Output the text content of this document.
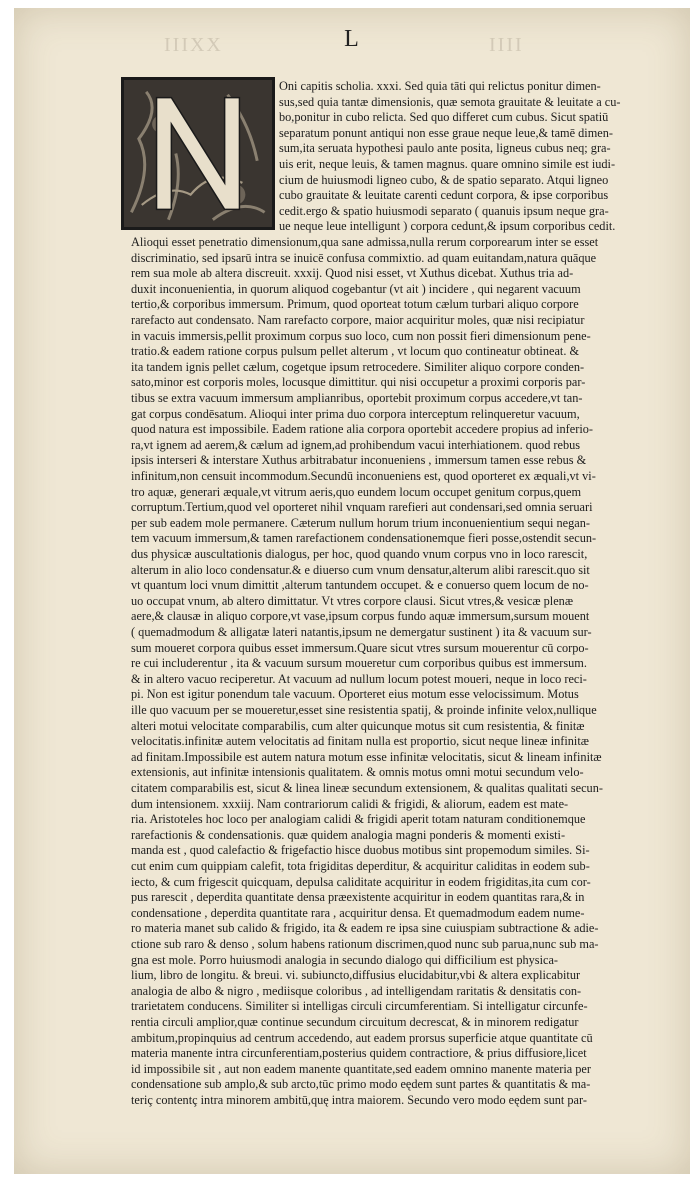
IIIXX	IIII
L
Oni capitis scholia. xxxi. Sed quia tāti qui relictus ponitur dimen-
sus,sed quia tantæ dimensionis, quæ semota grauitate & leuitate a cu-
bo,ponitur in cubo relicta. Sed quo differet cum cubus. Sicut spatiū
separatum ponunt antiqui non esse graue neque leue,& tamē dimen-
sum,ita seruata hypothesi paulo ante posita, ligneus cubus neq; gra-
uis erit, neque leuis, & tamen magnus. quare omnino simile est iudi-
cium de huiusmodi ligneo cubo, & de spatio separato. Atqui ligneo
cubo grauitate & leuitate carenti cedunt corpora, & ipse corporibus
cedit.ergo & spatio huiusmodi separato ( quanuis ipsum neque gra-
ue neque leue intelligunt ) corpora cedunt,& ipsum corporibus cedit.
Alioqui esset penetratio dimensionum,qua sane admissa,nulla rerum corporearum inter se esset
discriminatio, sed ipsarū intra se inuicē confusa commixtio. ad quam euitandam,natura quāque
rem sua mole ab altera discreuit. xxxij. Quod nisi esset, vt Xuthus dicebat. Xuthus tria ad-
duxit inconuenientia, in quorum aliquod cogebantur (vt ait ) incidere , qui negarent vacuum
tertio,& corporibus immersum. Primum, quod oporteat totum cælum turbari aliquo corpore
rarefacto aut condensato. Nam rarefacto corpore, maior acquiritur moles, quæ nisi recipiatur
in vacuis immersis,pellit proximum corpus suo loco, cum non possit fieri dimensionum pene-
tratio.& eadem ratione corpus pulsum pellet alterum , vt locum quo contineatur obtineat. &
ita tandem ignis pellet cælum, cogetque ipsum retrocedere. Similiter aliquo corpore conden-
sato,minor est corporis moles, locusque dimittitur. qui nisi occupetur a proximi corporis par-
tibus se extra vacuum immersum amplianribus, oportebit proximum corpus accedere,vt tan-
gat corpus condēsatum. Alioqui inter prima duo corpora interceptum relinqueretur vacuum,
quod natura est impossibile. Eadem ratione alia corpora oportebit accedere propius ad inferio-
ra,vt ignem ad aerem,& cælum ad ignem,ad prohibendum vacui interhiationem. quod rebus
ipsis interseri & interstare Xuthus arbitrabatur inconueniens , immersum tamen esse rebus &
infinitum,non censuit incommodum.Secundū inconueniens est, quod oporteret ex æquali,vt vi-
tro aquæ, generari æquale,vt vitrum aeris,quo eundem locum occupet genitum corpus,quem
corruptum.Tertium,quod vel oporteret nihil vnquam rarefieri aut condensari,sed omnia seruari
per sub eadem mole permanere. Cæterum nullum horum trium inconuenientium sequi negan-
tem vacuum immersum,& tamen rarefactionem condensationemque fieri posse,ostendit secun-
dus physicæ auscultationis dialogus, per hoc, quod quando vnum corpus vno in loco rarescit,
alterum in alio loco condensatur.& e diuerso cum vnum densatur,alterum alibi rarescit.quo sit
vt quantum loci vnum dimittit ,alterum tantundem occupet. & e conuerso quem locum de no-
uo occupat vnum, ab altero dimittatur. Vt vtres corpore clausi. Sicut vtres,& vesicæ plenæ
aere,& clausæ in aliquo corpore,vt vase,ipsum corpus fundo aquæ immersum,sursum mouent
( quemadmodum & alligatæ lateri natantis,ipsum ne demergatur sustinent ) ita & vacuum sur-
sum moueret corpora quibus esset immersum.Quare sicut vtres sursum mouerentur cū corpo-
re cui includerentur , ita & vacuum sursum moueretur cum corporibus quibus est immersum.
& in altero vacuo reciperetur. At vacuum ad nullum locum potest moueri, neque in loco reci-
pi. Non est igitur ponendum tale vacuum. Oporteret eius motum esse velocissimum. Motus
ille quo vacuum per se moueretur,esset sine resistentia spatij, & proinde infinite velox,nullique
alteri motui velocitate comparabilis, cum alter quicunque motus sit cum resistentia, & finitæ
velocitatis.infinitæ autem velocitatis ad finitam nulla est proportio, sicut neque lineæ infinitæ
ad finitam.Impossibile est autem natura motum esse infinitæ velocitatis, sicut & lineam infinitæ
extensionis, aut infinitæ intensionis qualitatem. & omnis motus omni motui secundum velo-
citatem comparabilis est, sicut & linea lineæ secundum extensionem, & qualitas qualitati secun-
dum intensionem. xxxiij. Nam contrariorum calidi & frigidi, & aliorum, eadem est mate-
ria. Aristoteles hoc loco per analogiam calidi & frigidi aperit totam naturam conditionemque
rarefactionis & condensationis. quæ quidem analogia magni ponderis & momenti existi-
manda est , quod calefactio & frigefactio hisce duobus motibus sint propemodum similes. Si-
cut enim cum quippiam calefit, tota frigiditas deperditur, & acquiritur caliditas in eodem sub-
iecto, & cum frigescit quicquam, depulsa caliditate acquiritur in eodem frigiditas,ita cum cor-
pus rarescit , deperdita quantitate densa præexistente acquiritur in eodem quantitas rara,& in
condensatione , deperdita quantitate rara , acquiritur densa. Et quemadmodum eadem nume-
ro materia manet sub calido & frigido, ita & eadem re ipsa sine cuiuspiam subtractione & adie-
ctione sub raro & denso , solum habens rationum discrimen,quod nunc sub parua,nunc sub ma-
gna est mole. Porro huiusmodi analogia in secundo dialogo qui difficilium est physica-
lium, libro de longitu. & breui. vi. subiuncto,diffusius elucidabitur,vbi & altera explicabitur
analogia de albo & nigro , mediisque coloribus , ad intelligendam raritatis & densitatis con-
trarietatem conducens. Similiter si intelligas circuli circumferentiam. Si intelligatur circunfe-
rentia circuli amplior,quæ continue secundum circuitum decrescat, & in minorem redigatur
ambitum,propinquius ad centrum accedendo, aut eadem prorsus superficie atque quantitate cū
materia manente intra circunferentiam,posterius quidem contractiore, & prius diffusiore,licet
id impossibile sit , aut non eadem manente quantitate,sed eadem omnino manente materia per
condensatione sub amplo,& sub arcto,tūc primo modo eędem sunt partes & quantitatis & ma-
teriç contentç intra minorem ambitū,quę intra maiorem. Secundo vero modo eędem sunt par-
